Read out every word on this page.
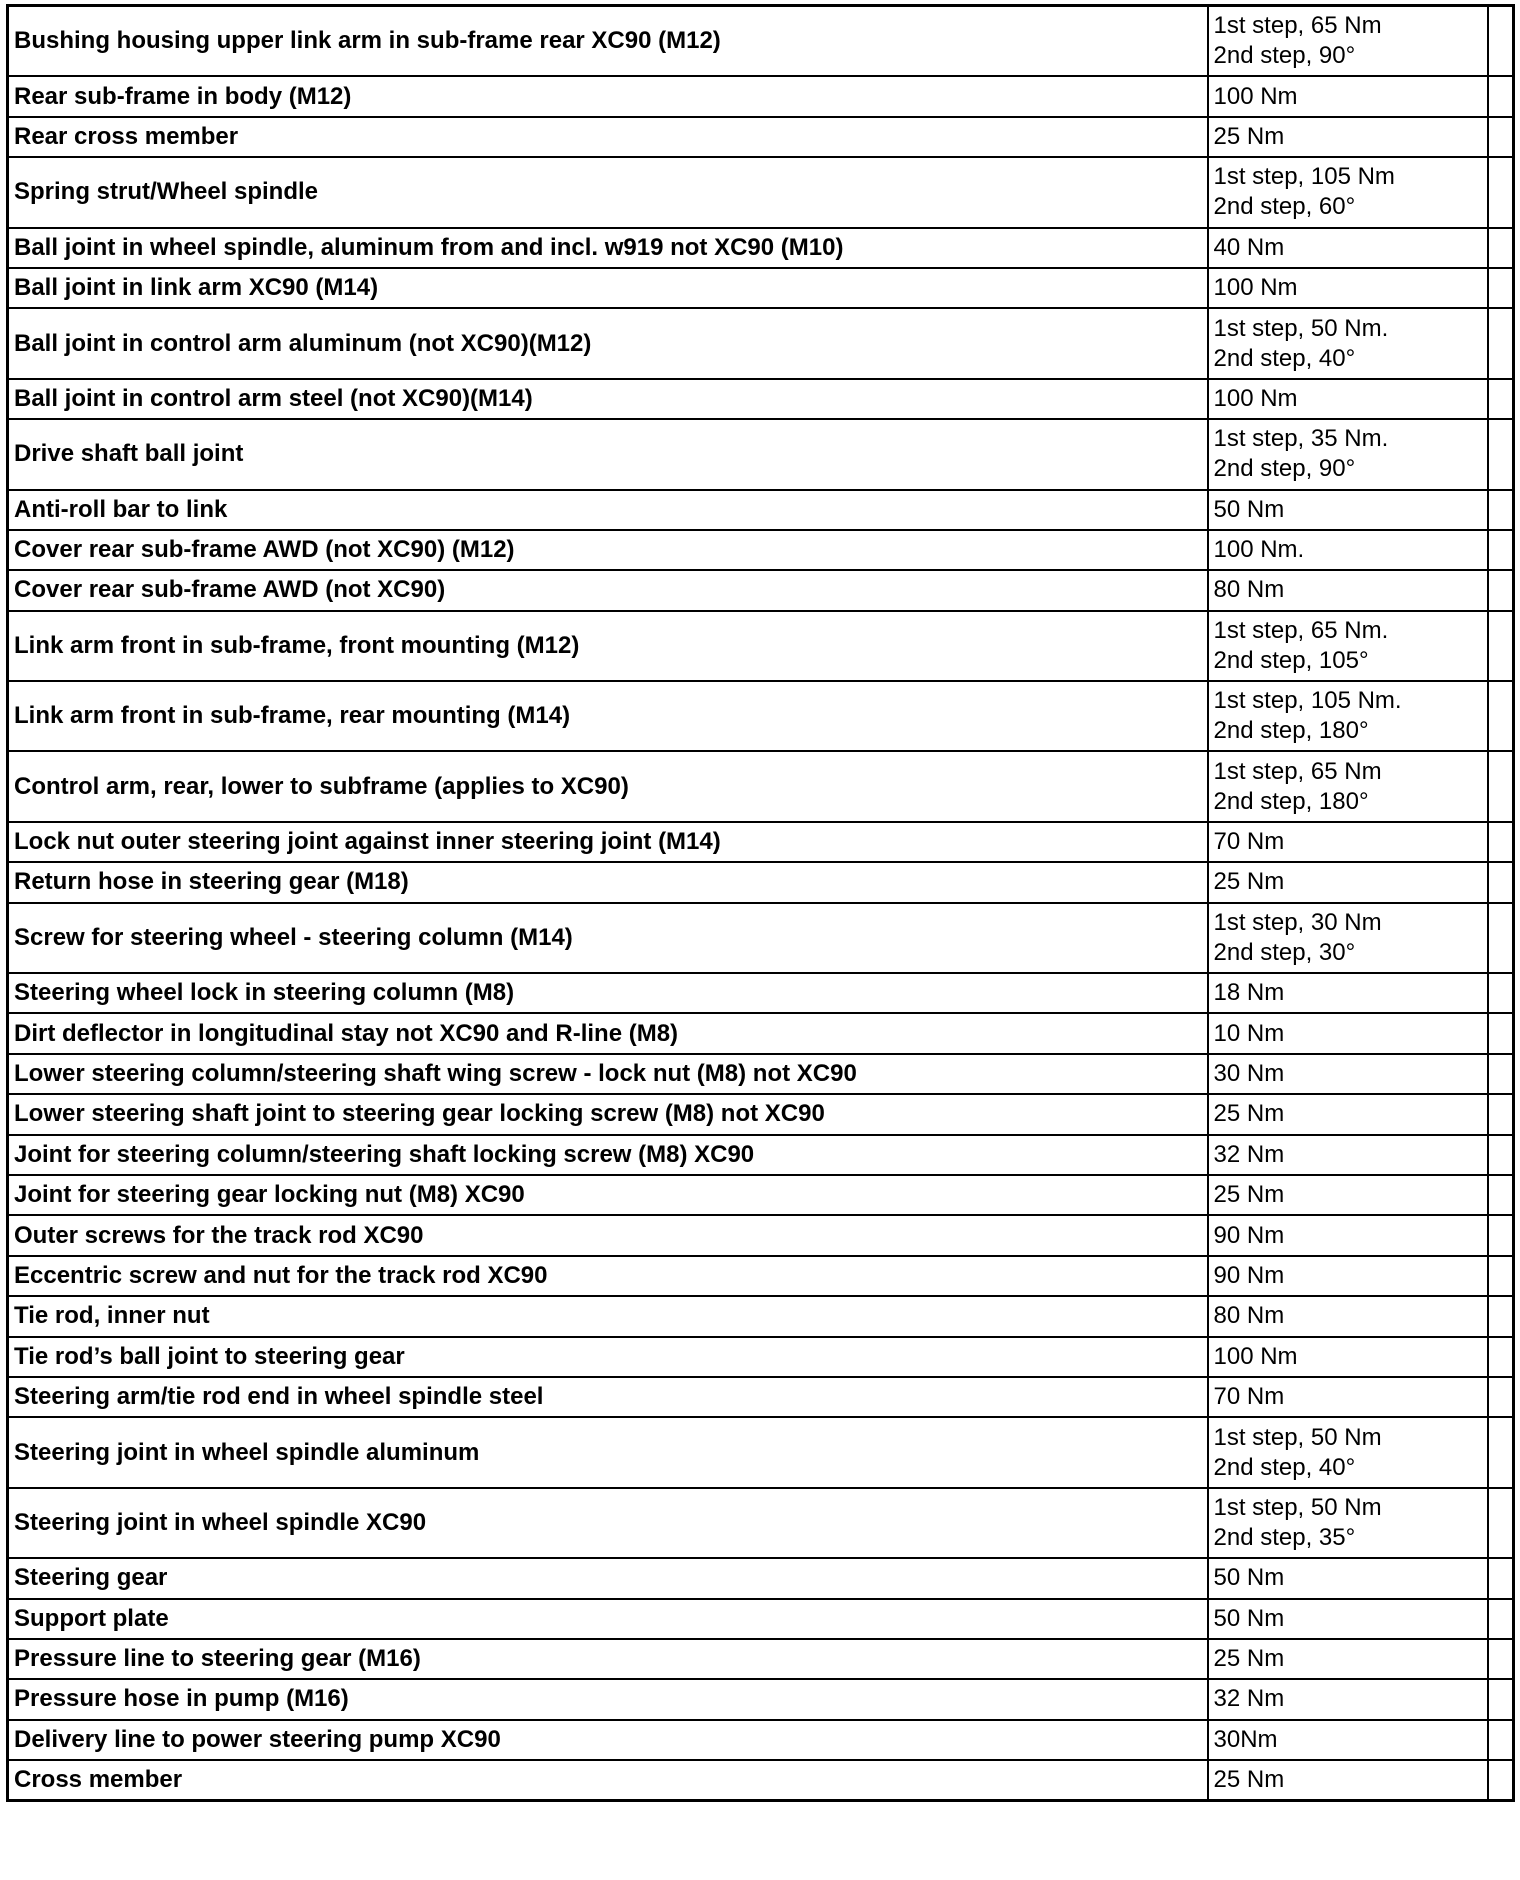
Bushing housing upper link arm in sub-frame rear XC90 (M12)	1st step, 65 Nm
2nd step, 90°	

Rear sub-frame in body (M12)	100 Nm	

Rear cross member	25 Nm	

Spring strut/Wheel spindle	1st step, 105 Nm
2nd step, 60°	

Ball joint in wheel spindle, aluminum from and incl. w919 not XC90 (M10)	40 Nm	

Ball joint in link arm XC90 (M14)	100 Nm	

Ball joint in control arm aluminum (not XC90)(M12)	1st step, 50 Nm.
2nd step, 40°	

Ball joint in control arm steel (not XC90)(M14)	100 Nm	

Drive shaft ball joint	1st step, 35 Nm.
2nd step, 90°	

Anti-roll bar to link	50 Nm	

Cover rear sub-frame AWD (not XC90) (M12)	100 Nm.	

Cover rear sub-frame AWD (not XC90)	80 Nm	

Link arm front in sub-frame, front mounting (M12)	1st step, 65 Nm.
2nd step, 105°	

Link arm front in sub-frame, rear mounting (M14)	1st step, 105 Nm.
2nd step, 180°	

Control arm, rear, lower to subframe (applies to XC90)	1st step, 65 Nm
2nd step, 180°	

Lock nut outer steering joint against inner steering joint (M14)	70 Nm	

Return hose in steering gear (M18)	25 Nm	

Screw for steering wheel - steering column (M14)	1st step, 30 Nm
2nd step, 30°	

Steering wheel lock in steering column (M8)	18 Nm	

Dirt deflector in longitudinal stay not XC90 and R-line (M8)	10 Nm	

Lower steering column/steering shaft wing screw - lock nut (M8) not XC90	30 Nm	

Lower steering shaft joint to steering gear locking screw (M8) not XC90	25 Nm	

Joint for steering column/steering shaft locking screw (M8) XC90	32 Nm	

Joint for steering gear locking nut (M8) XC90	25 Nm	

Outer screws for the track rod XC90	90 Nm	

Eccentric screw and nut for the track rod XC90	90 Nm	

Tie rod, inner nut	80 Nm	

Tie rod’s ball joint to steering gear	100 Nm	

Steering arm/tie rod end in wheel spindle steel	70 Nm	

Steering joint in wheel spindle aluminum	1st step, 50 Nm
2nd step, 40°	

Steering joint in wheel spindle XC90	1st step, 50 Nm
2nd step, 35°	

Steering gear	50 Nm	

Support plate	50 Nm	

Pressure line to steering gear (M16)	25 Nm	

Pressure hose in pump (M16)	32 Nm	

Delivery line to power steering pump XC90	30Nm	

Cross member	25 Nm	
